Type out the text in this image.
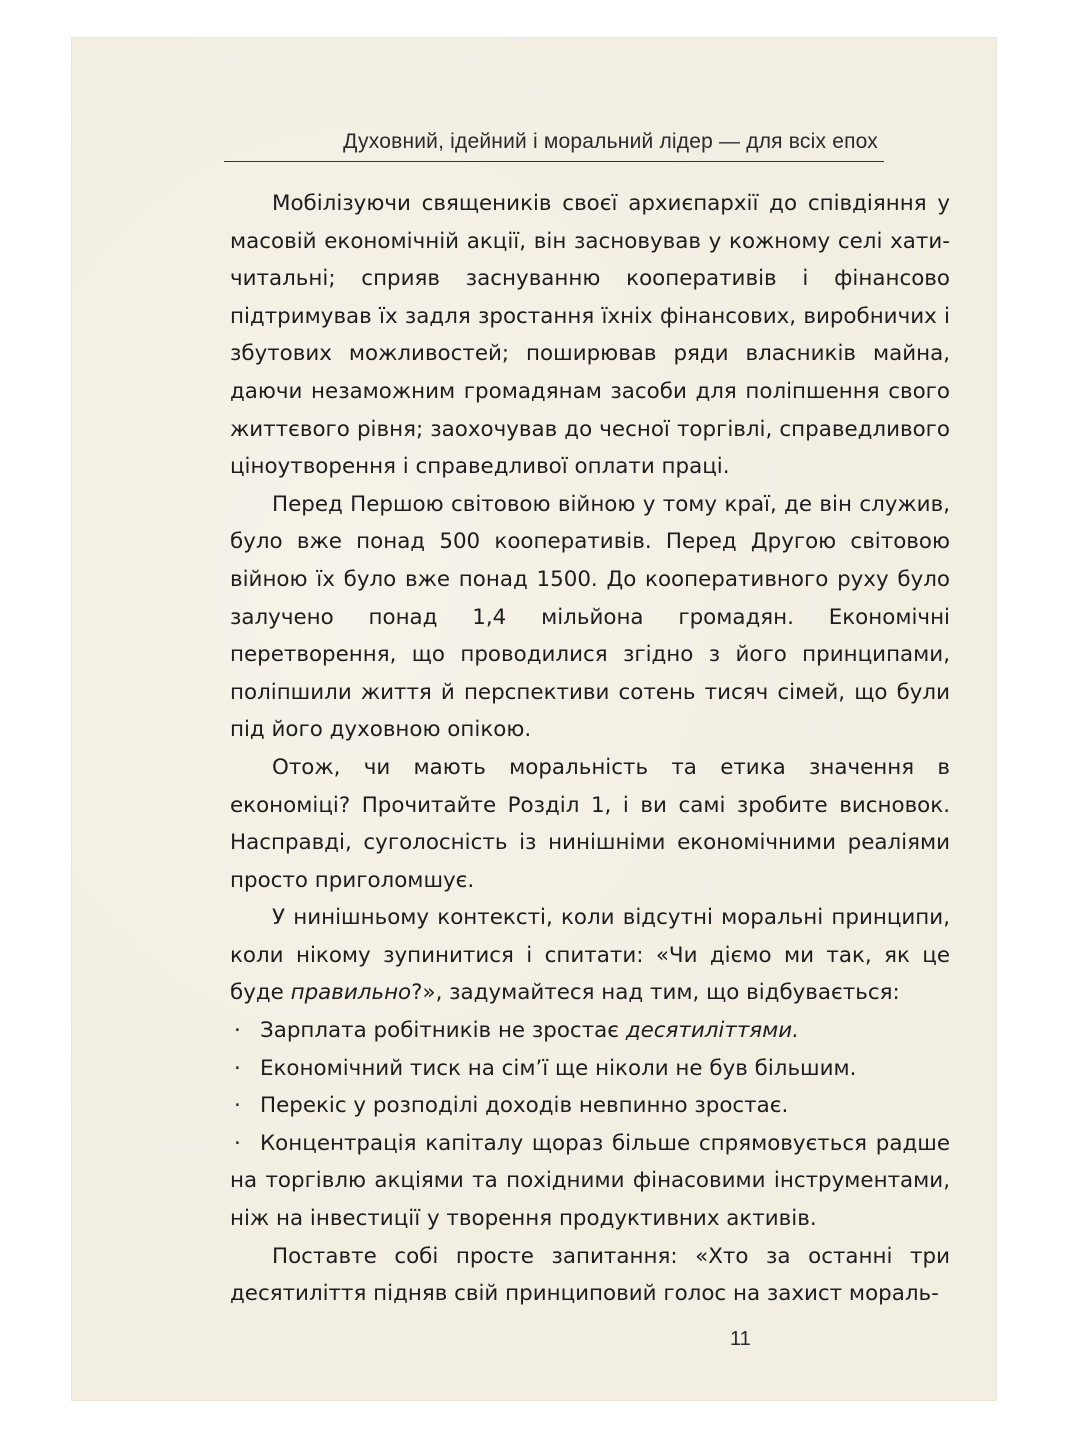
Духовний, ідейний і моральний лідер — для всіх епох

Мобілізуючи священиків своєї архиєпархії до співдіяння у масовій економічній акції, він засновував у кожному селі хати-читальні; сприяв заснуванню кооперативів і фінансово підтримував їх задля зростання їхніх фінансових, виробничих і збутових можливостей; поширював ряди власників майна, даючи незаможним громадянам засоби для поліпшення свого життєвого рівня; заохочував до чесної торгівлі, справедливого ціноутворення і справедливої оплати праці.

Перед Першою світовою війною у тому краї, де він служив, було вже понад 500 кооперативів. Перед Другою світовою війною їх було вже понад 1500. До кооперативного руху було залучено понад 1,4 мільйона громадян. Економічні перетворення, що проводилися згідно з його принципами, поліпшили життя й перспективи сотень тисяч сімей, що були під його духовною опікою.

Отож, чи мають моральність та етика значення в економіці? Прочитайте Розділ 1, і ви самі зробите висновок. Насправді, суголосність із нинішніми економічними реаліями просто приголомшує.

У нинішньому контексті, коли відсутні моральні принципи, коли нікому зупинитися і спитати: «Чи діємо ми так, як це буде правильно?», задумайтеся над тим, що відбувається:

· Зарплата робітників не зростає десятиліттями.
· Економічний тиск на сім’ї ще ніколи не був більшим.
· Перекіс у розподілі доходів невпинно зростає.
· Концентрація капіталу щораз більше спрямовується радше на торгівлю акціями та похідними фінасовими інструментами, ніж на інвестиції у творення продуктивних активів.

Поставте собі просте запитання: «Хто за останні три десятиліття підняв свій принциповий голос на захист мораль-

11
